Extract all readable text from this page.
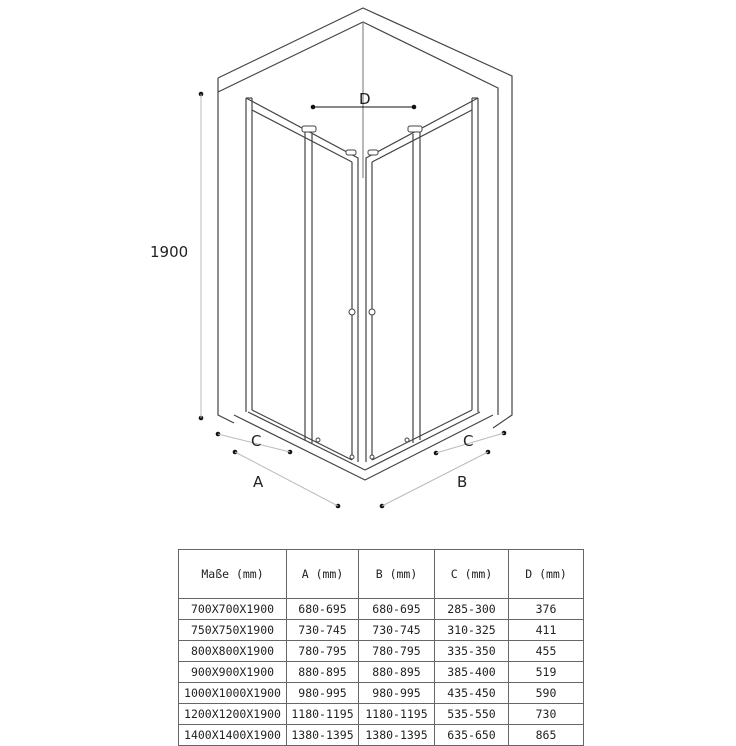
1900
D
C
A
C
B
Maße (mm)	A (mm)	B (mm)	C (mm)	D (mm)
700X700X1900	680-695	680-695	285-300	376
750X750X1900	730-745	730-745	310-325	411
800X800X1900	780-795	780-795	335-350	455
900X900X1900	880-895	880-895	385-400	519
1000X1000X1900	980-995	980-995	435-450	590
1200X1200X1900	1180-1195	1180-1195	535-550	730
1400X1400X1900	1380-1395	1380-1395	635-650	865
